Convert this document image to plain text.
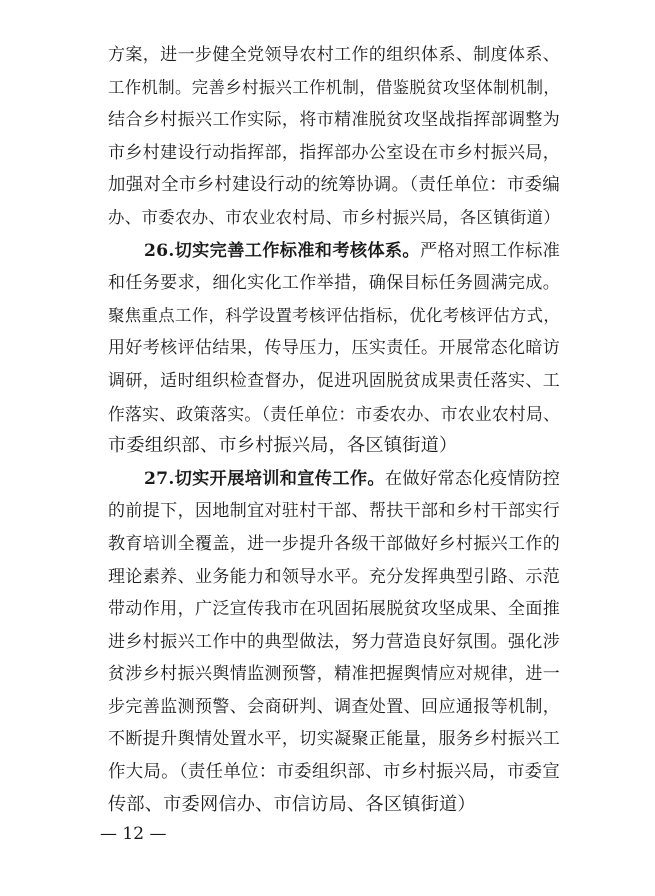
方案，进一步健全党领导农村工作的组织体系、制度体系、
工作机制。完善乡村振兴工作机制，借鉴脱贫攻坚体制机制，
结合乡村振兴工作实际，将市精准脱贫攻坚战指挥部调整为
市乡村建设行动指挥部，指挥部办公室设在市乡村振兴局，
加强对全市乡村建设行动的统筹协调。（责任单位：市委编
办、市委农办、市农业农村局、市乡村振兴局，各区镇街道）
26.切实完善工作标准和考核体系。严格对照工作标准
和任务要求，细化实化工作举措，确保目标任务圆满完成。
聚焦重点工作，科学设置考核评估指标，优化考核评估方式，
用好考核评估结果，传导压力，压实责任。开展常态化暗访
调研，适时组织检查督办，促进巩固脱贫成果责任落实、工
作落实、政策落实。（责任单位：市委农办、市农业农村局、
市委组织部、市乡村振兴局，各区镇街道）
27.切实开展培训和宣传工作。在做好常态化疫情防控
的前提下，因地制宜对驻村干部、帮扶干部和乡村干部实行
教育培训全覆盖，进一步提升各级干部做好乡村振兴工作的
理论素养、业务能力和领导水平。充分发挥典型引路、示范
带动作用，广泛宣传我市在巩固拓展脱贫攻坚成果、全面推
进乡村振兴工作中的典型做法，努力营造良好氛围。强化涉
贫涉乡村振兴舆情监测预警，精准把握舆情应对规律，进一
步完善监测预警、会商研判、调查处置、回应通报等机制，
不断提升舆情处置水平，切实凝聚正能量，服务乡村振兴工
作大局。（责任单位：市委组织部、市乡村振兴局，市委宣
传部、市委网信办、市信访局、各区镇街道）
— 12 —
